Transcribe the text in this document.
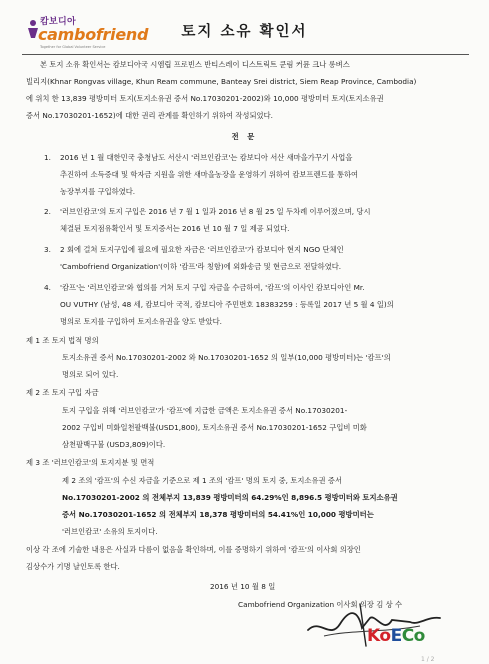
캄보디아
cambofriend
Together for Global Volunteer Service
토지 소유 확인서
본 토지 소유 확인서는 캄보디아국 시엠립 프로빈스 반티스레이 디스트릭트 쿤림 커뮨 크나 롱벼스
빌리지(Khnar Rongvas village, Khun Ream commune, Banteay Srei district, Siem Reap Province, Cambodia)
에 위치 한 13,839 평방미터 토지(토지소유권 증서 No.17030201-2002)와 10,000 평방미터 토지(토지소유권
증서 No.17030201-1652)에 대한 권리 관계를 확인하기 위하여 작성되었다.
전 문
1. 2016 년 1 월 대한민국 충청남도 서산시 '러브인캄코'는 캄보디아 서산 새마을가꾸기 사업을
추진하여 소득증대 및 학자금 지원을 위한 새마을농장을 운영하기 위하여 캄보프렌드를 통하여
농장부지를 구입하였다.
2. '러브인캄코'의 토지 구입은 2016 년 7 월 1 일과 2016 년 8 월 25 일 두차례 이루어졌으며, 당시
체결된 토지점유확인서 및 토지증서는 2016 년 10 월 7 일 제공 되었다.
3. 2 회에 걸쳐 토지구입에 필요에 필요한 자금은 '러브인캄코'가 캄보디아 현지 NGO 단체인
'Cambofriend Organization'(이하 '캄프'라 칭함)에 외화송금 및 현금으로 전달하였다.
4. '캄프'는 '러브인캄코'와 협의를 거쳐 토지 구입 자금을 수금하여, '캄프'의 이사인 캄보디아인 Mr.
OU VUTHY (남성, 48 세, 캄보디아 국적, 캄보디아 주민번호 18383259 : 등록일 2017 년 5 월 4 일)의
명의로 토지를 구입하여 토지소유권을 양도 받았다.
제 1 조 토지 법적 명의
토지소유권 증서 No.17030201-2002 와 No.17030201-1652 의 일부(10,000 평방미터)는 '캄프'의
명의로 되어 있다.
제 2 조 토지 구입 자금
토지 구입을 위해 '러브인캄코'가 '캄프'에 지급한 금액은 토지소유권 증서 No.17030201-
2002 구입비 미화일천팔백불(USD1,800), 토지소유권 증서 No.17030201-1652 구입비 미화
삼천팔백구불 (USD3,809)이다.
제 3 조 '러브인캄코'의 토지지분 및 면적
제 2 조의 '캄프'의 수신 자금을 기준으로 제 1 조의 '캄프' 명의 토지 중, 토지소유권 증서
No.17030201-2002 의 전체부지 13,839 평방미터의 64.29%인 8,896.5 평방미터와 토지소유권
증서 No.17030201-1652 의 전체부지 18,378 평방미터의 54.41%인 10,000 평방미터는
'러브인캄코' 소유의 토지이다.
이상 각 조에 기술한 내용은 사실과 다름이 없음을 확인하며, 이를 증명하기 위하여 '캄프'의 이사회 의장인
김상수가 기명 날인토록 한다.
2016 년 10 월 8 일
Cambofriend Organization 이사회 의장 김 상 수
KoECo
1 / 2
